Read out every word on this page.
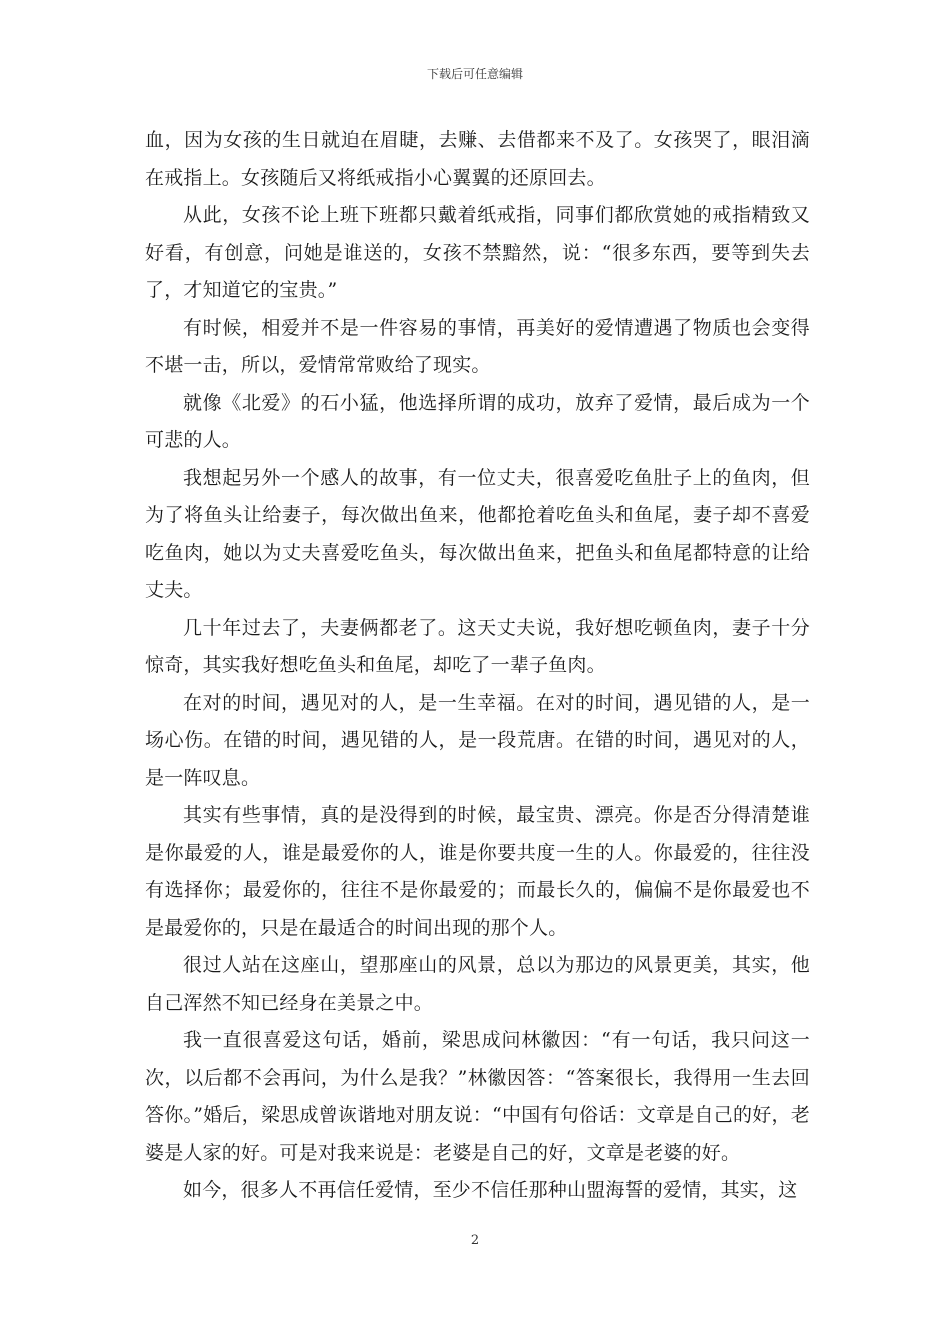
下载后可任意编辑

血，因为女孩的生日就迫在眉睫，去赚、去借都来不及了。女孩哭了，眼泪滴在戒指上。女孩随后又将纸戒指小心翼翼的还原回去。

从此，女孩不论上班下班都只戴着纸戒指，同事们都欣赏她的戒指精致又好看，有创意，问她是谁送的，女孩不禁黯然，说：“很多东西，要等到失去了，才知道它的宝贵。”

有时候，相爱并不是一件容易的事情，再美好的爱情遭遇了物质也会变得不堪一击，所以，爱情常常败给了现实。

就像《北爱》的石小猛，他选择所谓的成功，放弃了爱情，最后成为一个可悲的人。

我想起另外一个感人的故事，有一位丈夫，很喜爱吃鱼肚子上的鱼肉，但为了将鱼头让给妻子，每次做出鱼来，他都抢着吃鱼头和鱼尾，妻子却不喜爱吃鱼肉，她以为丈夫喜爱吃鱼头，每次做出鱼来，把鱼头和鱼尾都特意的让给丈夫。

几十年过去了，夫妻俩都老了。这天丈夫说，我好想吃顿鱼肉，妻子十分惊奇，其实我好想吃鱼头和鱼尾，却吃了一辈子鱼肉。

在对的时间，遇见对的人，是一生幸福。在对的时间，遇见错的人，是一场心伤。在错的时间，遇见错的人，是一段荒唐。在错的时间，遇见对的人，是一阵叹息。

其实有些事情，真的是没得到的时候，最宝贵、漂亮。你是否分得清楚谁是你最爱的人，谁是最爱你的人，谁是你要共度一生的人。你最爱的，往往没有选择你；最爱你的，往往不是你最爱的；而最长久的，偏偏不是你最爱也不是最爱你的，只是在最适合的时间出现的那个人。

很过人站在这座山，望那座山的风景，总以为那边的风景更美，其实，他自己浑然不知已经身在美景之中。

我一直很喜爱这句话，婚前，梁思成问林徽因：“有一句话，我只问这一次，以后都不会再问，为什么是我？”林徽因答：“答案很长，我得用一生去回答你。”婚后，梁思成曾诙谐地对朋友说：“中国有句俗话：文章是自己的好，老婆是人家的好。可是对我来说是：老婆是自己的好，文章是老婆的好。

如今，很多人不再信任爱情，至少不信任那种山盟海誓的爱情，其实，这

2
